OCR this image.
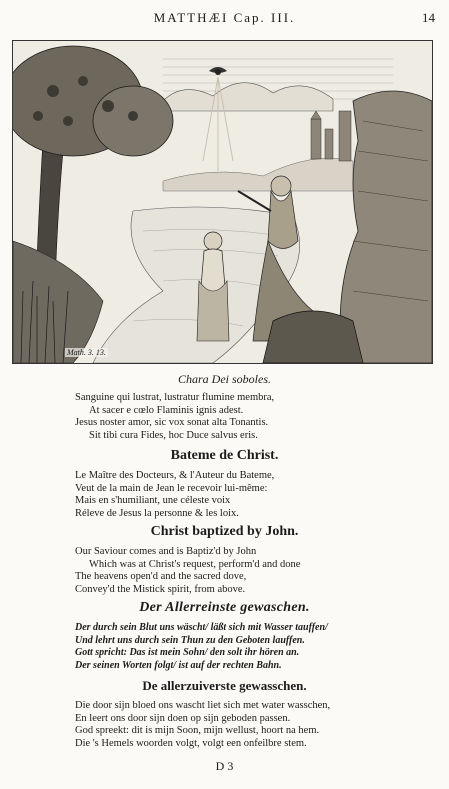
MATTHÆI Cap. III.	14
Math. 3. 13.
Chara Dei soboles.
Sanguine qui lustrat, lustratur flumine membra,
At sacer e cœlo Flaminis ignis adest.
Jesus noster amor, sic vox sonat alta Tonantis.
Sit tibi cura Fides, hoc Duce salvus eris.
Bateme de Christ.
Le Maître des Docteurs, & l'Auteur du Bateme,
Veut de la main de Jean le recevoir lui-même:
Mais en s'humiliant, une céleste voix
Réleve de Jesus la personne & les loix.
Christ baptized by John.
Our Saviour comes and is Baptiz'd by John
Which was at Christ's request, perform'd and done
The heavens open'd and the sacred dove,
Convey'd the Mistick spirit, from above.
Der Allerreinste gewaschen.
Der durch sein Blut uns wäscht/ läßt sich mit Wasser tauffen/
Und lehrt uns durch sein Thun zu den Geboten lauffen.
Gott spricht: Das ist mein Sohn/ den solt ihr hören an.
Der seinen Worten folgt/ ist auf der rechten Bahn.
De allerzuiverste gewasschen.
Die door sijn bloed ons wascht liet sich met water wasschen,
En leert ons door sijn doen op sijn geboden passen.
God spreekt: dit is mijn Soon, mijn wellust, hoort na hem.
Die 's Hemels woorden volgt, volgt een onfeilbre stem.
D 3
